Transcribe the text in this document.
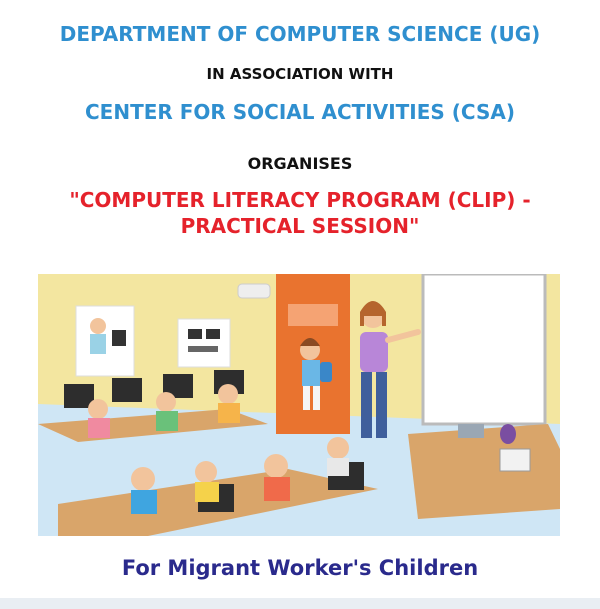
DEPARTMENT OF COMPUTER SCIENCE (UG)
IN ASSOCIATION WITH
CENTER FOR SOCIAL ACTIVITIES (CSA)
ORGANISES
"COMPUTER LITERACY PROGRAM (CLIP) -
PRACTICAL SESSION"
For Migrant Worker's Children
